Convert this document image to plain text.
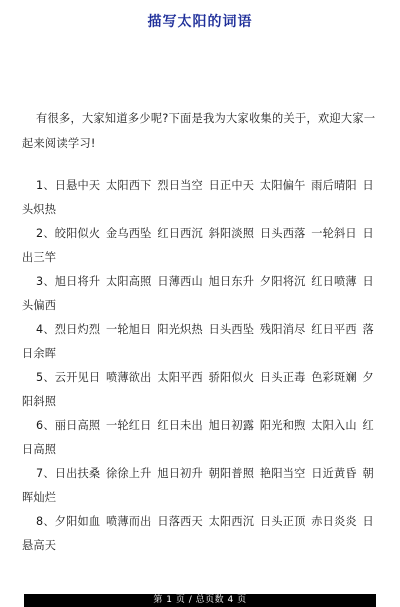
描写太阳的词语

有很多，大家知道多少呢?下面是我为大家收集的关于，欢迎大家一起来阅读学习!

1、日悬中天 太阳西下 烈日当空 日正中天 太阳偏午 雨后晴阳 日头炽热
2、皎阳似火 金乌西坠 红日西沉 斜阳淡照 日头西落 一轮斜日 日出三竿
3、旭日将升 太阳高照 日薄西山 旭日东升 夕阳将沉 红日喷薄 日头偏西
4、烈日灼烈 一轮旭日 阳光炽热 日头西坠 残阳消尽 红日平西 落日余晖
5、云开见日 喷薄欲出 太阳平西 骄阳似火 日头正毒 色彩斑斓 夕阳斜照
6、丽日高照 一轮红日 红日未出 旭日初露 阳光和煦 太阳入山 红日高照
7、日出扶桑 徐徐上升 旭日初升 朝阳普照 艳阳当空 日近黄昏 朝晖灿烂
8、夕阳如血 喷薄而出 日落西天 太阳西沉 日头正顶 赤日炎炎 日悬高天
第 1 页 / 总页数 4 页
